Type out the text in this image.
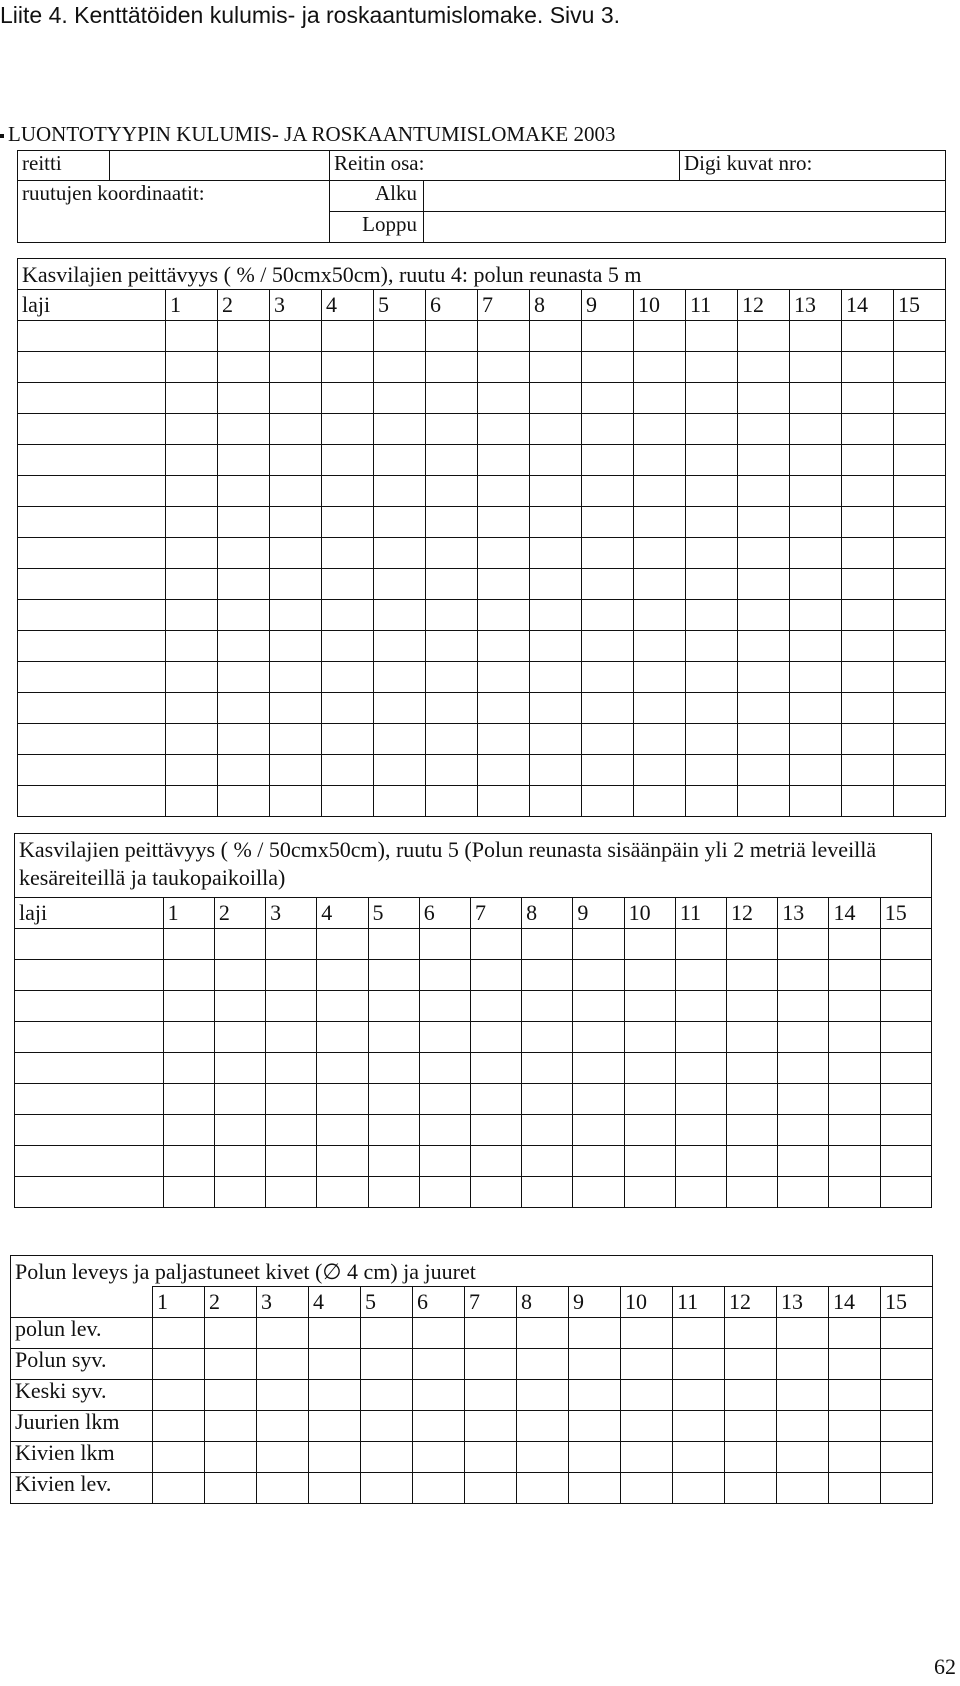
Liite 4. Kenttätöiden kulumis- ja roskaantumislomake. Sivu 3.
LUONTOTYYPIN KULUMIS- JA ROSKAANTUMISLOMAKE 2003
reitti		Reitin osa:		Digi kuvat nro:
ruutujen koordinaatit:		Alku		
		Loppu		
Kasvilajien peittävyys ( % / 50cmx50cm), ruutu 4: polun reunasta 5 m															
laji	1	2	3	4	5	6	7	8	9	10	11	12	13	14	15

Kasvilajien peittävyys ( % / 50cmx50cm), ruutu 5 (Polun reunasta sisäänpäin yli 2 metriä leveillä kesäreiteillä ja taukopaikoilla)															
laji	1	2	3	4	5	6	7	8	9	10	11	12	13	14	15

Polun leveys ja paljastuneet kivet (∅ 4 cm) ja juuret															
	1	2	3	4	5	6	7	8	9	10	11	12	13	14	15
polun lev.															
Polun syv.															
Keski syv.															
Juurien lkm															
Kivien lkm															
Kivien lev.															
62
